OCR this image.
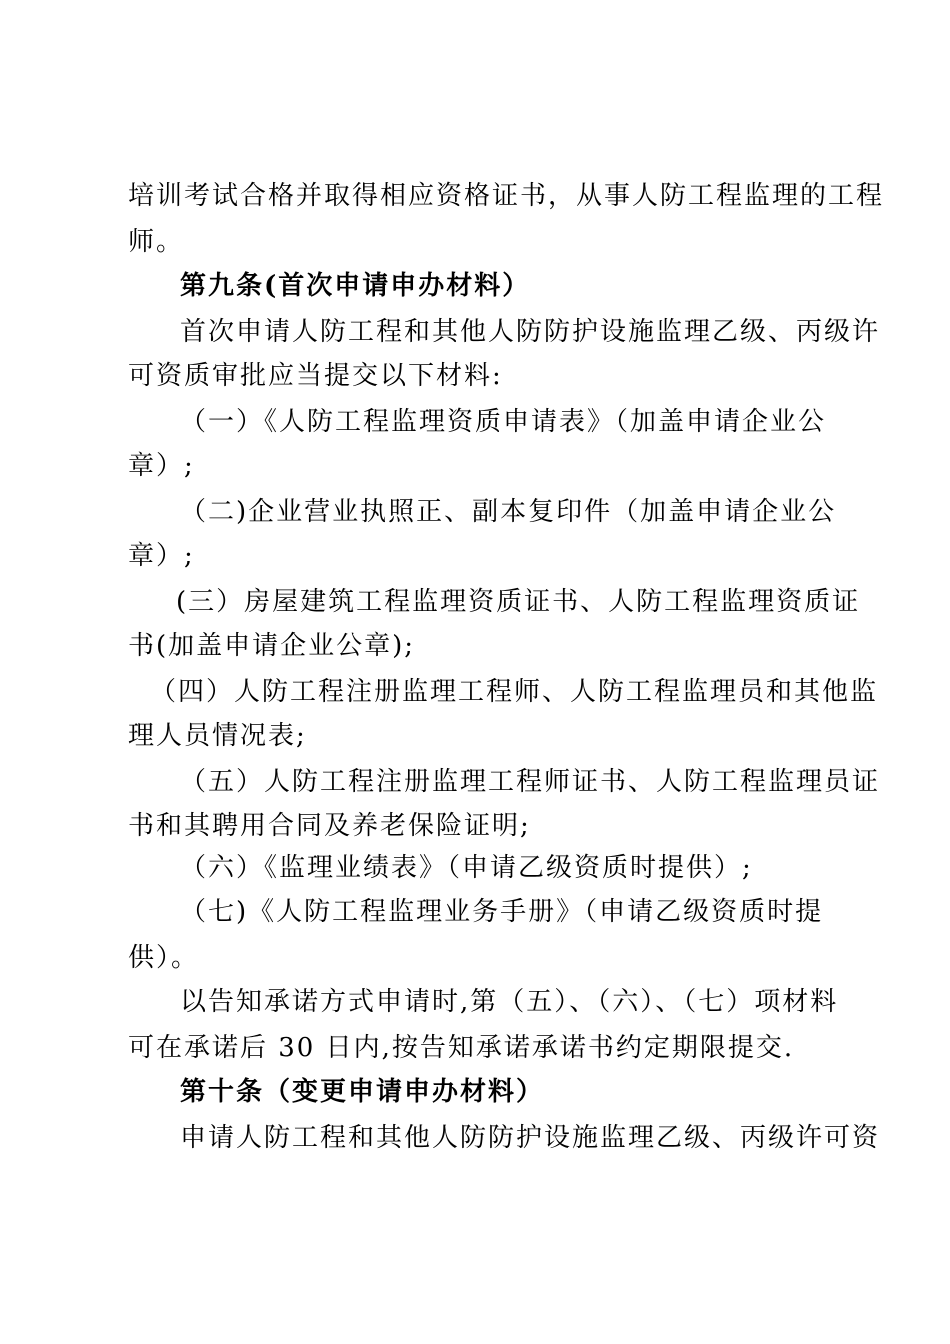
培训考试合格并取得相应资格证书，从事人防工程监理的工程
师。
第九条(首次申请申办材料）
首次申请人防工程和其他人防防护设施监理乙级、丙级许
可资质审批应当提交以下材料:
（一）《人防工程监理资质申请表》（加盖申请企业公
章）;
（二)企业营业执照正、副本复印件（加盖申请企业公
章）;
(三）房屋建筑工程监理资质证书、人防工程监理资质证
书(加盖申请企业公章);
（四）人防工程注册监理工程师、人防工程监理员和其他监
理人员情况表;
（五）人防工程注册监理工程师证书、人防工程监理员证
书和其聘用合同及养老保险证明;
（六）《监理业绩表》（申请乙级资质时提供）;
（七)《人防工程监理业务手册》（申请乙级资质时提
供）。
以告知承诺方式申请时,第（五）、（六）、（七）项材料
可在承诺后 30 日内,按告知承诺承诺书约定期限提交.
第十条（变更申请申办材料）
申请人防工程和其他人防防护设施监理乙级、丙级许可资
